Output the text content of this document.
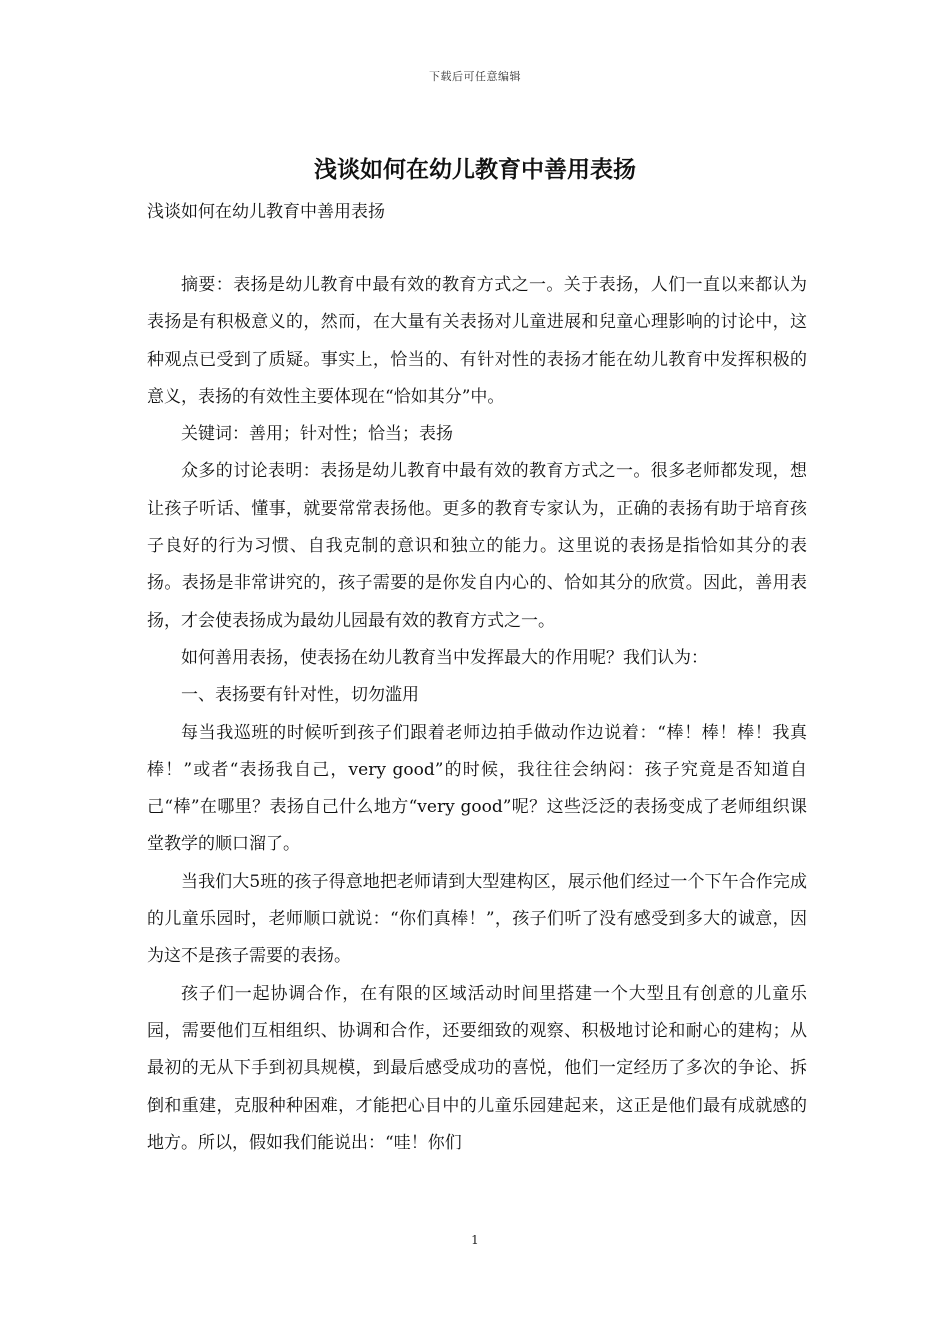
下载后可任意编辑
浅谈如何在幼儿教育中善用表扬

浅谈如何在幼儿教育中善用表扬

摘要：表扬是幼儿教育中最有效的教育方式之一。关于表扬，人们一直以来都认为表扬是有积极意义的，然而，在大量有关表扬对儿童进展和兒童心理影响的讨论中，这种观点已受到了质疑。事实上，恰当的、有针对性的表扬才能在幼儿教育中发挥积极的意义，表扬的有效性主要体现在“恰如其分”中。

关键词：善用；针对性；恰当；表扬

众多的讨论表明：表扬是幼儿教育中最有效的教育方式之一。很多老师都发现，想让孩子听话、懂事，就要常常表扬他。更多的教育专家认为，正确的表扬有助于培育孩子良好的行为习惯、自我克制的意识和独立的能力。这里说的表扬是指恰如其分的表扬。表扬是非常讲究的，孩子需要的是你发自内心的、恰如其分的欣赏。因此，善用表扬，才会使表扬成为最幼儿园最有效的教育方式之一。

如何善用表扬，使表扬在幼儿教育当中发挥最大的作用呢？我们认为：

一、表扬要有针对性，切勿滥用

每当我巡班的时候听到孩子们跟着老师边拍手做动作边说着：“棒！棒！棒！我真棒！”或者“表扬我自己，very good”的时候，我往往会纳闷：孩子究竟是否知道自己“棒”在哪里？表扬自己什么地方“very good”呢？这些泛泛的表扬变成了老师组织课堂教学的顺口溜了。

当我们大5班的孩子得意地把老师请到大型建构区，展示他们经过一个下午合作完成的儿童乐园时，老师顺口就说：“你们真棒！”，孩子们听了没有感受到多大的诚意，因为这不是孩子需要的表扬。

孩子们一起协调合作，在有限的区域活动时间里搭建一个大型且有创意的儿童乐园，需要他们互相组织、协调和合作，还要细致的观察、积极地讨论和耐心的建构；从最初的无从下手到初具规模，到最后感受成功的喜悦，他们一定经历了多次的争论、拆倒和重建，克服种种困难，才能把心目中的儿童乐园建起来，这正是他们最有成就感的地方。所以，假如我们能说出：“哇！你们

1
